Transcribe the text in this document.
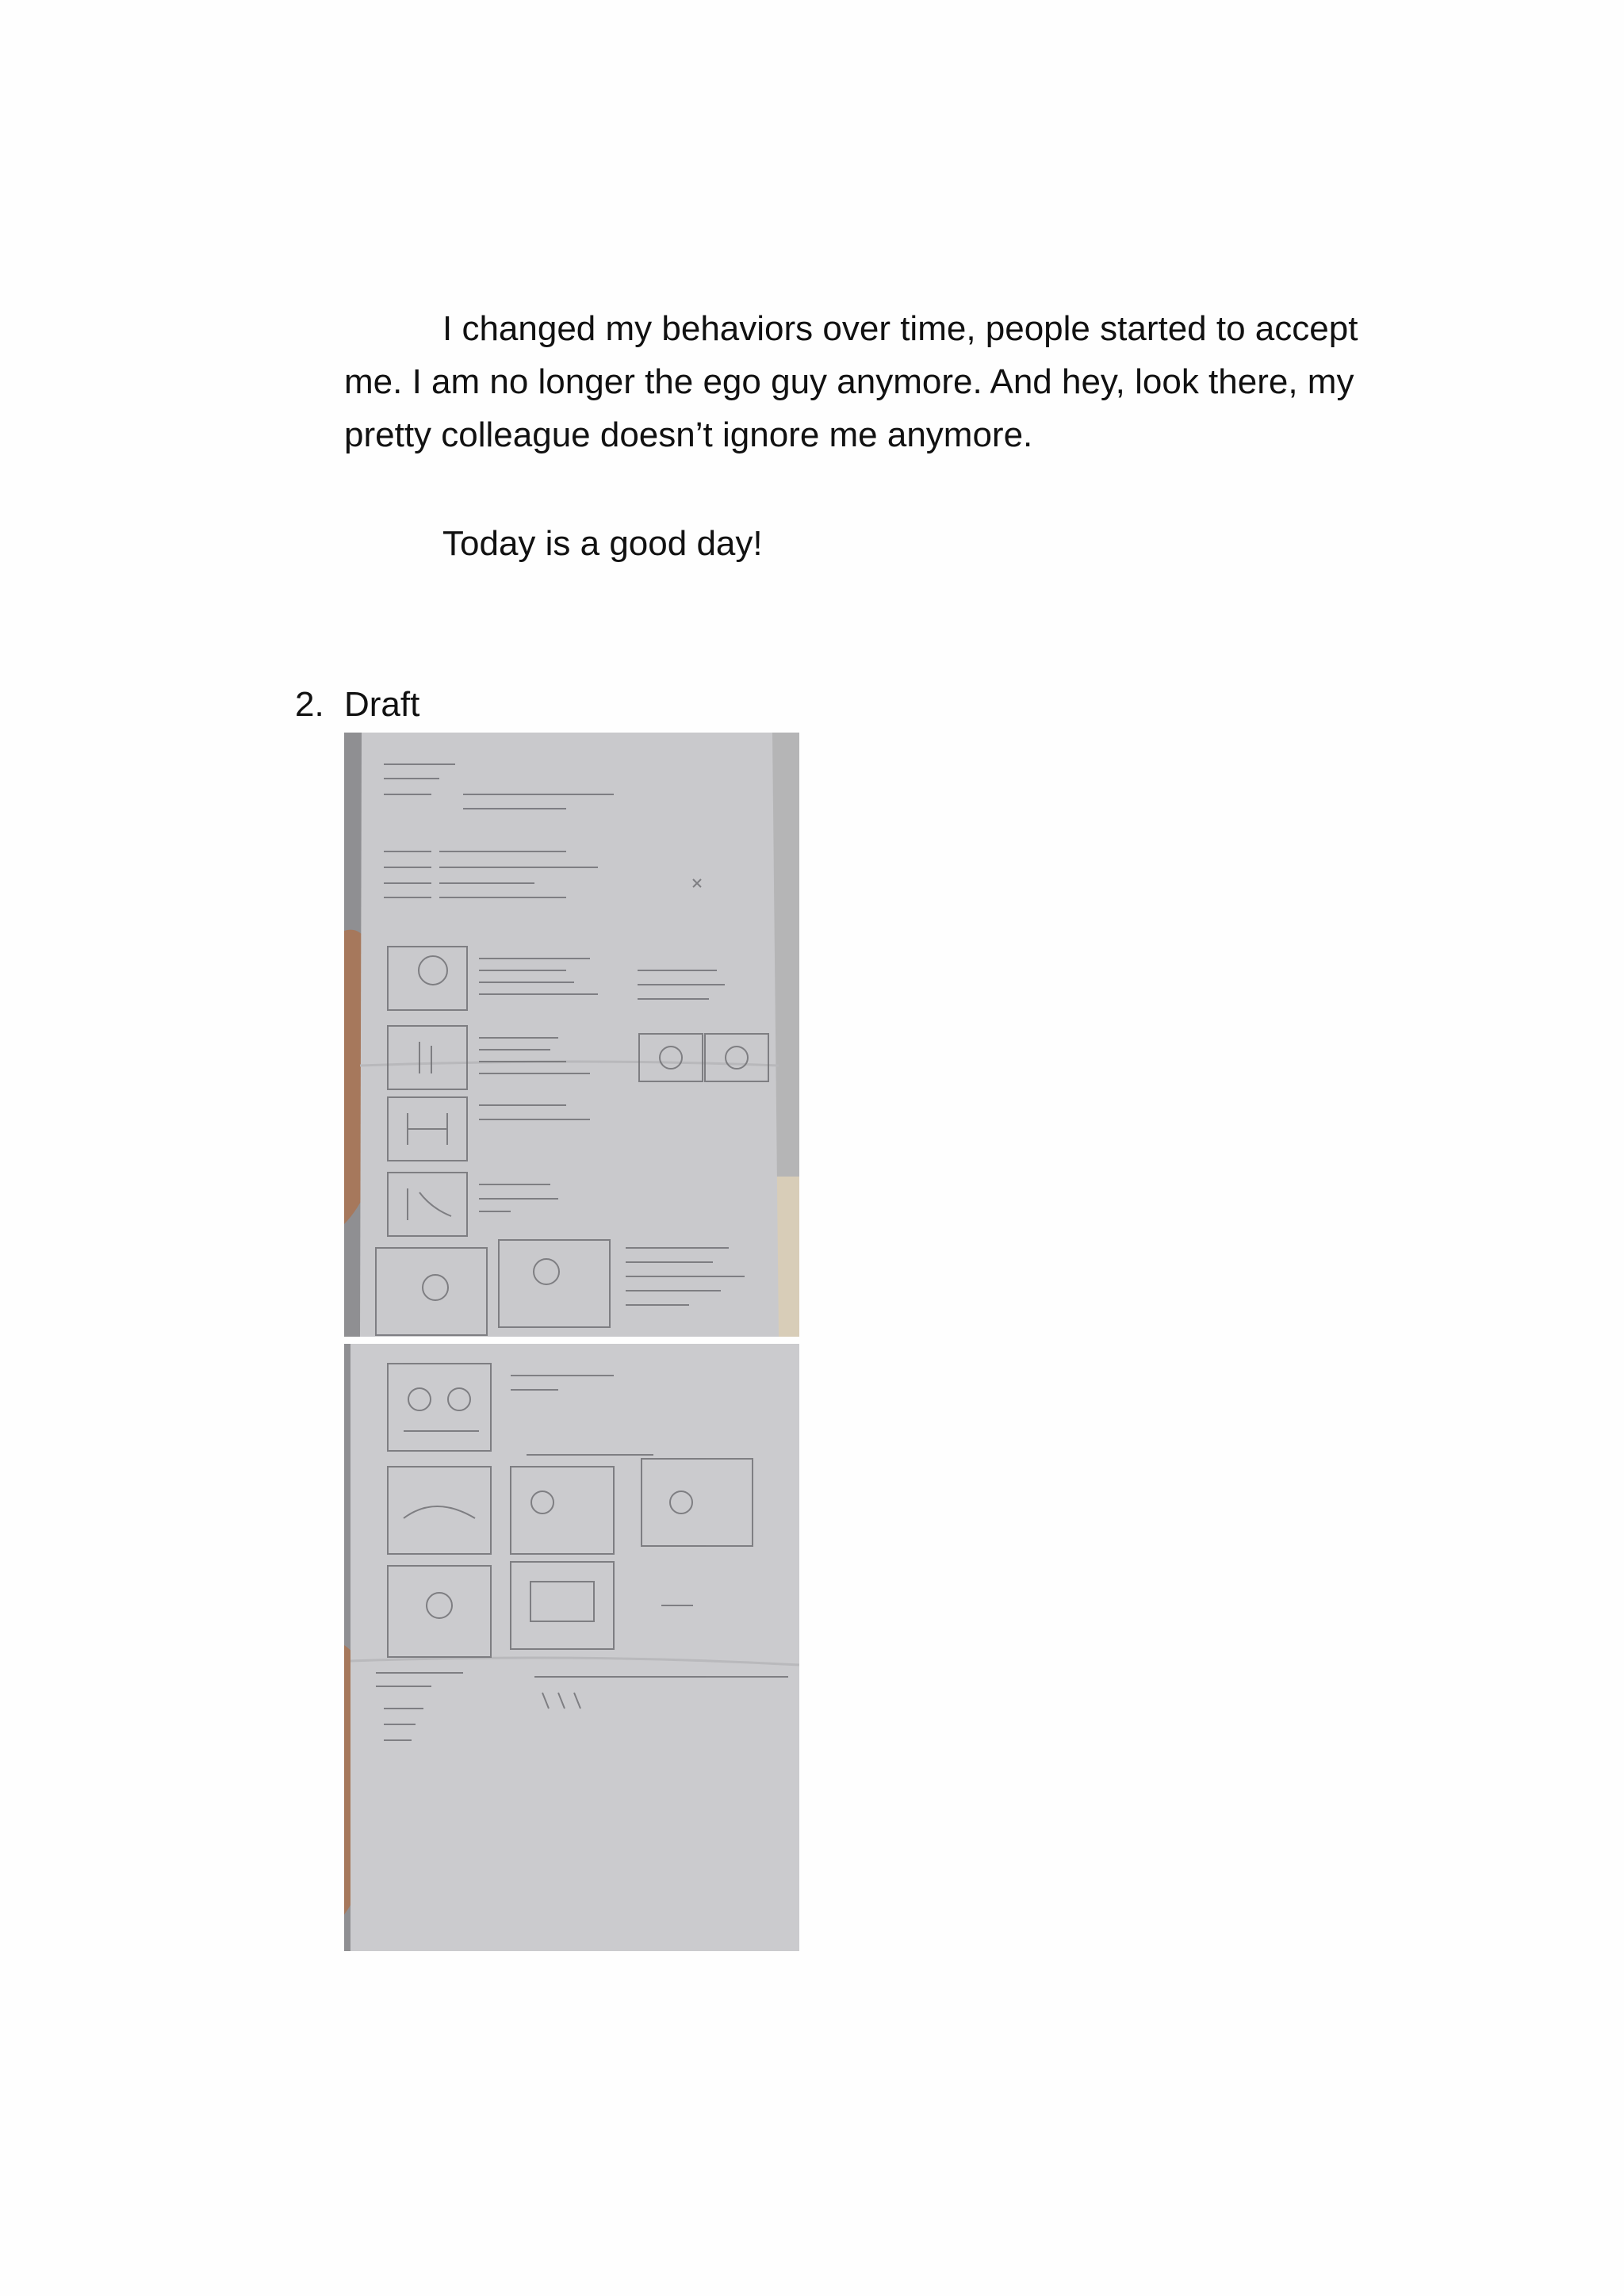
I changed my behaviors over time, people started to accept me. I am no longer the ego guy anymore. And hey, look there, my pretty colleague doesn’t ignore me anymore.

Today is a good day!

2. Draft
